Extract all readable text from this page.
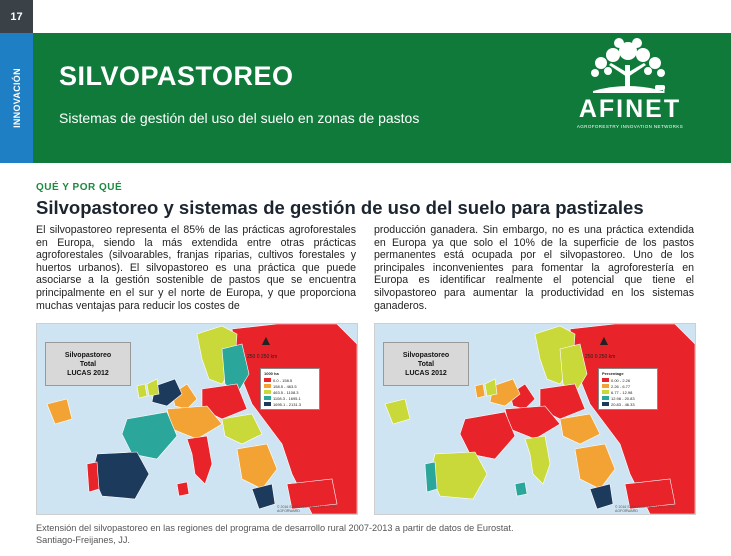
17
INNOVACIÓN SILVOPASTOREO
Sistemas de gestión del uso del suelo en zonas de pastos	AFINET
AGROFORESTRY INNOVATION NETWORKS
QUÉ Y POR QUÉ
Silvopastoreo y sistemas de gestión de uso del suelo para pastizales
El silvopastoreo representa el 85% de las prácticas agroforestales en Europa, siendo la más extendida entre otras prácticas agroforestales (silvoarables, franjas riparias, cultivos forestales y huertos urbanos). El silvopastoreo es una práctica que puede asociarse a la gestión sostenible de pastos que se encuentra principalmente en el sur y el norte de Europa, y que proporciona muchas ventajas para reducir los costes de
producción ganadera. Sin embargo, no es una práctica extendida en Europa ya que solo el 10% de la superficie de los pastos permanentes está ocupada por el silvopastoreo. Uno de los principales inconvenientes para fomentar la agroforestería en Europa es identificar realmente el potencial que tiene el silvopastoreo para aumentar la productividad en los sistemas ganaderos.
Silvopastoreo
Total
LUCAS 2012
▲
250 0 250 km
1000 ha
0.0 - 158.5
158.5 - 463.5
463.5 - 1108.3
1108.3 - 1695.1
1695.1 - 2131.3
© 2016 SANTIAGO-FREIJANES, J.M.; AGFORWARD
Silvopastoreo
Total
LUCAS 2012
▲
250 0 250 km
Percentage
0.00 - 2.26
2.26 - 6.77
6.77 - 12.98
12.98 - 20.83
20.83 - 46.33
© 2016 SANTIAGO-FREIJANES, J.M.; AGFORWARD
Extensión del silvopastoreo en las regiones del programa de desarrollo rural 2007-2013 a partir de datos de Eurostat.
Santiago-Freijanes, JJ.
